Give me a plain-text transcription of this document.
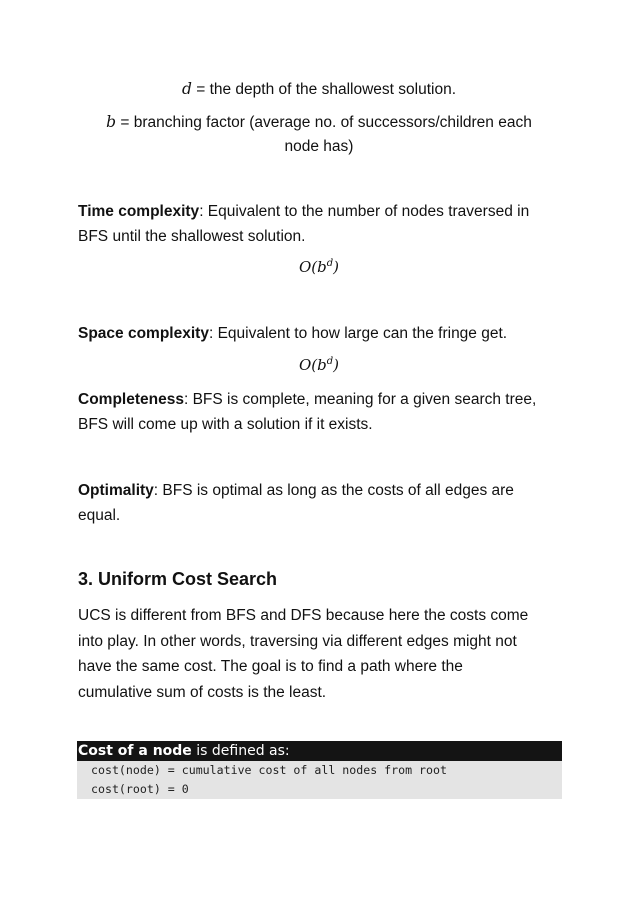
d = the depth of the shallowest solution.
b = branching factor (average no. of successors/children each
node has)
Time complexity: Equivalent to the number of nodes traversed in
BFS until the shallowest solution.
$O(b^d)$
Space complexity: Equivalent to how large can the fringe get.
$O(b^d)$
Completeness: BFS is complete, meaning for a given search tree,
BFS will come up with a solution if it exists.
Optimality: BFS is optimal as long as the costs of all edges are
equal.
3. Uniform Cost Search
UCS is different from BFS and DFS because here the costs come
into play. In other words, traversing via different edges might not
have the same cost. The goal is to find a path where the
cumulative sum of costs is the least.
Cost of a node is defined as:
cost(node) = cumulative cost of all nodes from root
cost(root) = 0
